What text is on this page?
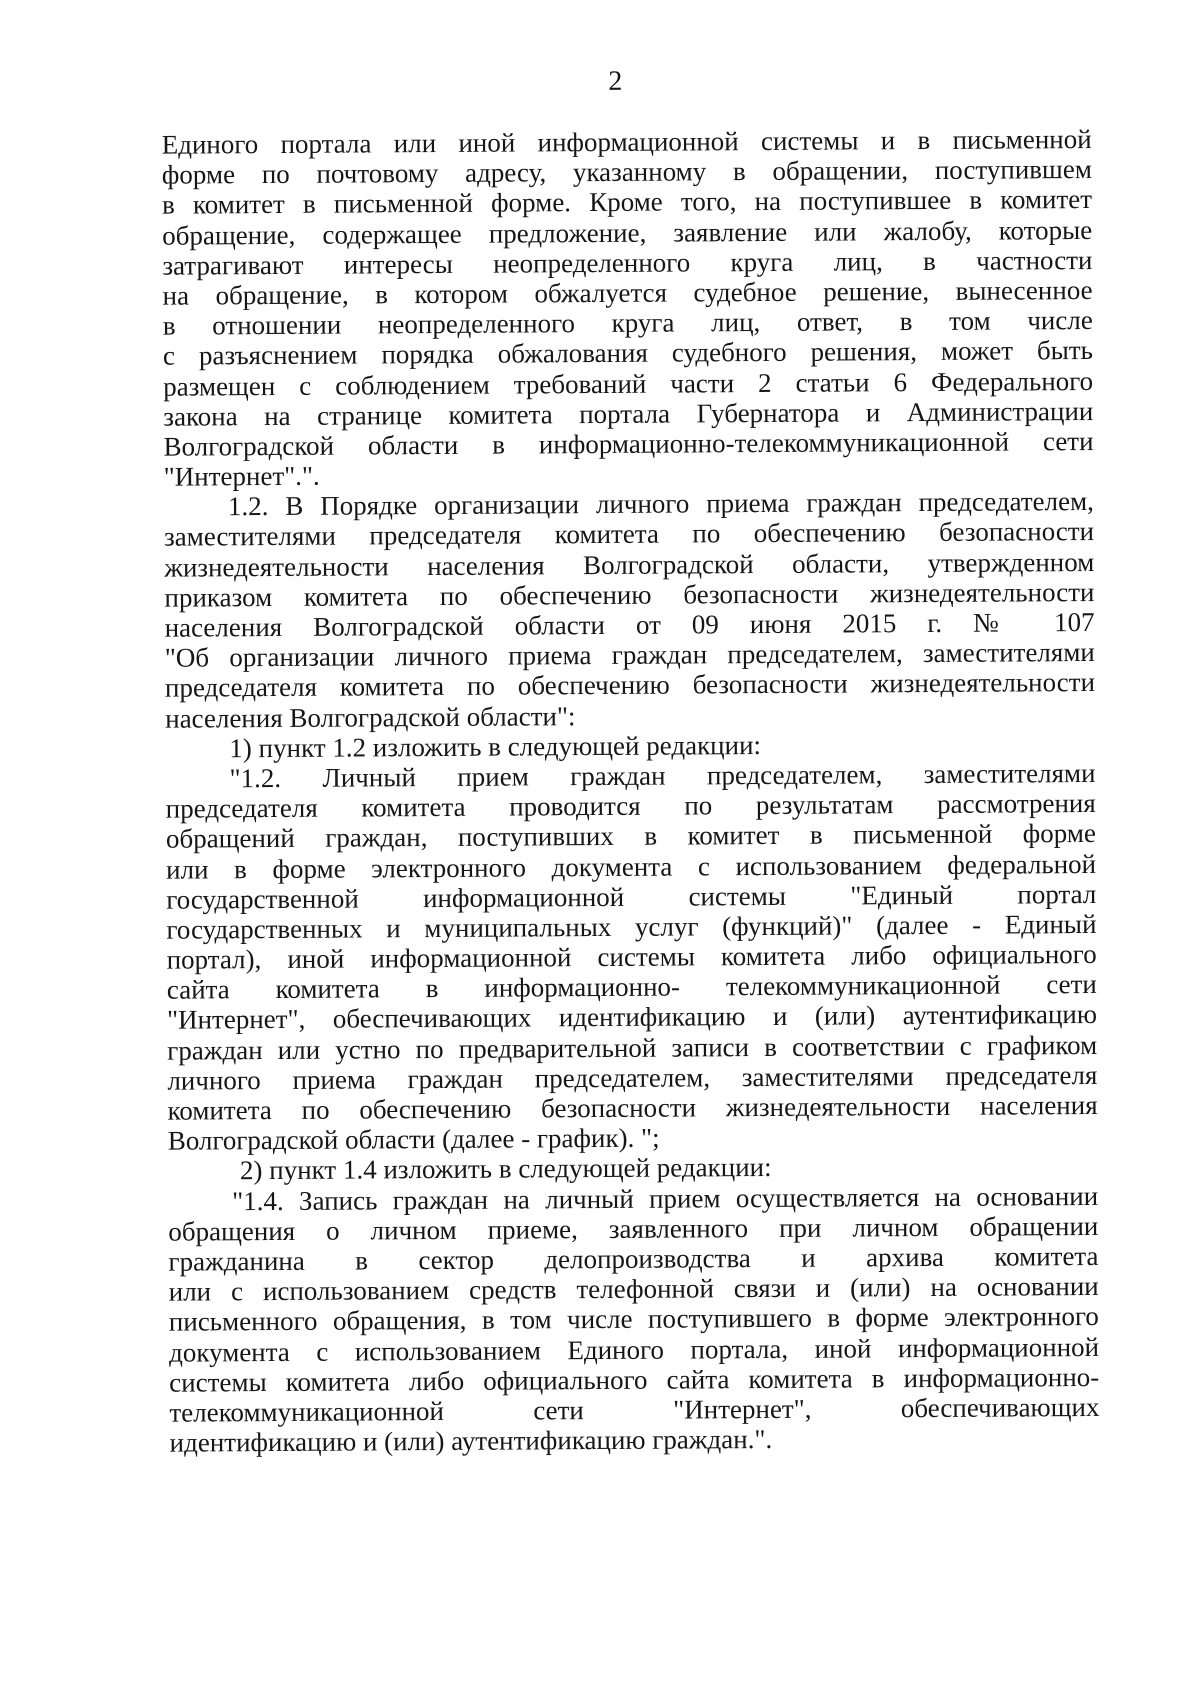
2
Единого портала или иной информационной системы и в письменной
форме по почтовому адресу, указанному в обращении, поступившем
в комитет в письменной форме. Кроме того, на поступившее в комитет
обращение, содержащее предложение, заявление или жалобу, которые
затрагивают интересы неопределенного круга лиц, в частности
на обращение, в котором обжалуется судебное решение, вынесенное
в отношении неопределенного круга лиц, ответ, в том числе
с разъяснением порядка обжалования судебного решения, может быть
размещен с соблюдением требований части 2 статьи 6 Федерального
закона на странице комитета портала Губернатора и Администрации
Волгоградской области в информационно-телекоммуникационной сети
"Интернет".".
1.2. В Порядке организации личного приема граждан председателем,
заместителями председателя комитета по обеспечению безопасности
жизнедеятельности населения Волгоградской области, утвержденном
приказом комитета по обеспечению безопасности жизнедеятельности
населения Волгоградской области от 09 июня 2015 г. № 107
"Об организации личного приема граждан председателем, заместителями
председателя комитета по обеспечению безопасности жизнедеятельности
населения Волгоградской области":
1) пункт 1.2 изложить в следующей редакции:
"1.2. Личный прием граждан председателем, заместителями
председателя комитета проводится по результатам рассмотрения
обращений граждан, поступивших в комитет в письменной форме
или в форме электронного документа с использованием федеральной
государственной информационной системы "Единый портал
государственных и муниципальных услуг (функций)" (далее - Единый
портал), иной информационной системы комитета либо официального
сайта комитета в информационно- телекоммуникационной сети
"Интернет", обеспечивающих идентификацию и (или) аутентификацию
граждан или устно по предварительной записи в соответствии с графиком
личного приема граждан председателем, заместителями председателя
комитета по обеспечению безопасности жизнедеятельности населения
Волгоградской области (далее - график). ";
2) пункт 1.4 изложить в следующей редакции:
"1.4. Запись граждан на личный прием осуществляется на основании
обращения о личном приеме, заявленного при личном обращении
гражданина в сектор делопроизводства и архива комитета
или с использованием средств телефонной связи и (или) на основании
письменного обращения, в том числе поступившего в форме электронного
документа с использованием Единого портала, иной информационной
системы комитета либо официального сайта комитета в информационно-
телекоммуникационной сети "Интернет", обеспечивающих
идентификацию и (или) аутентификацию граждан.".
